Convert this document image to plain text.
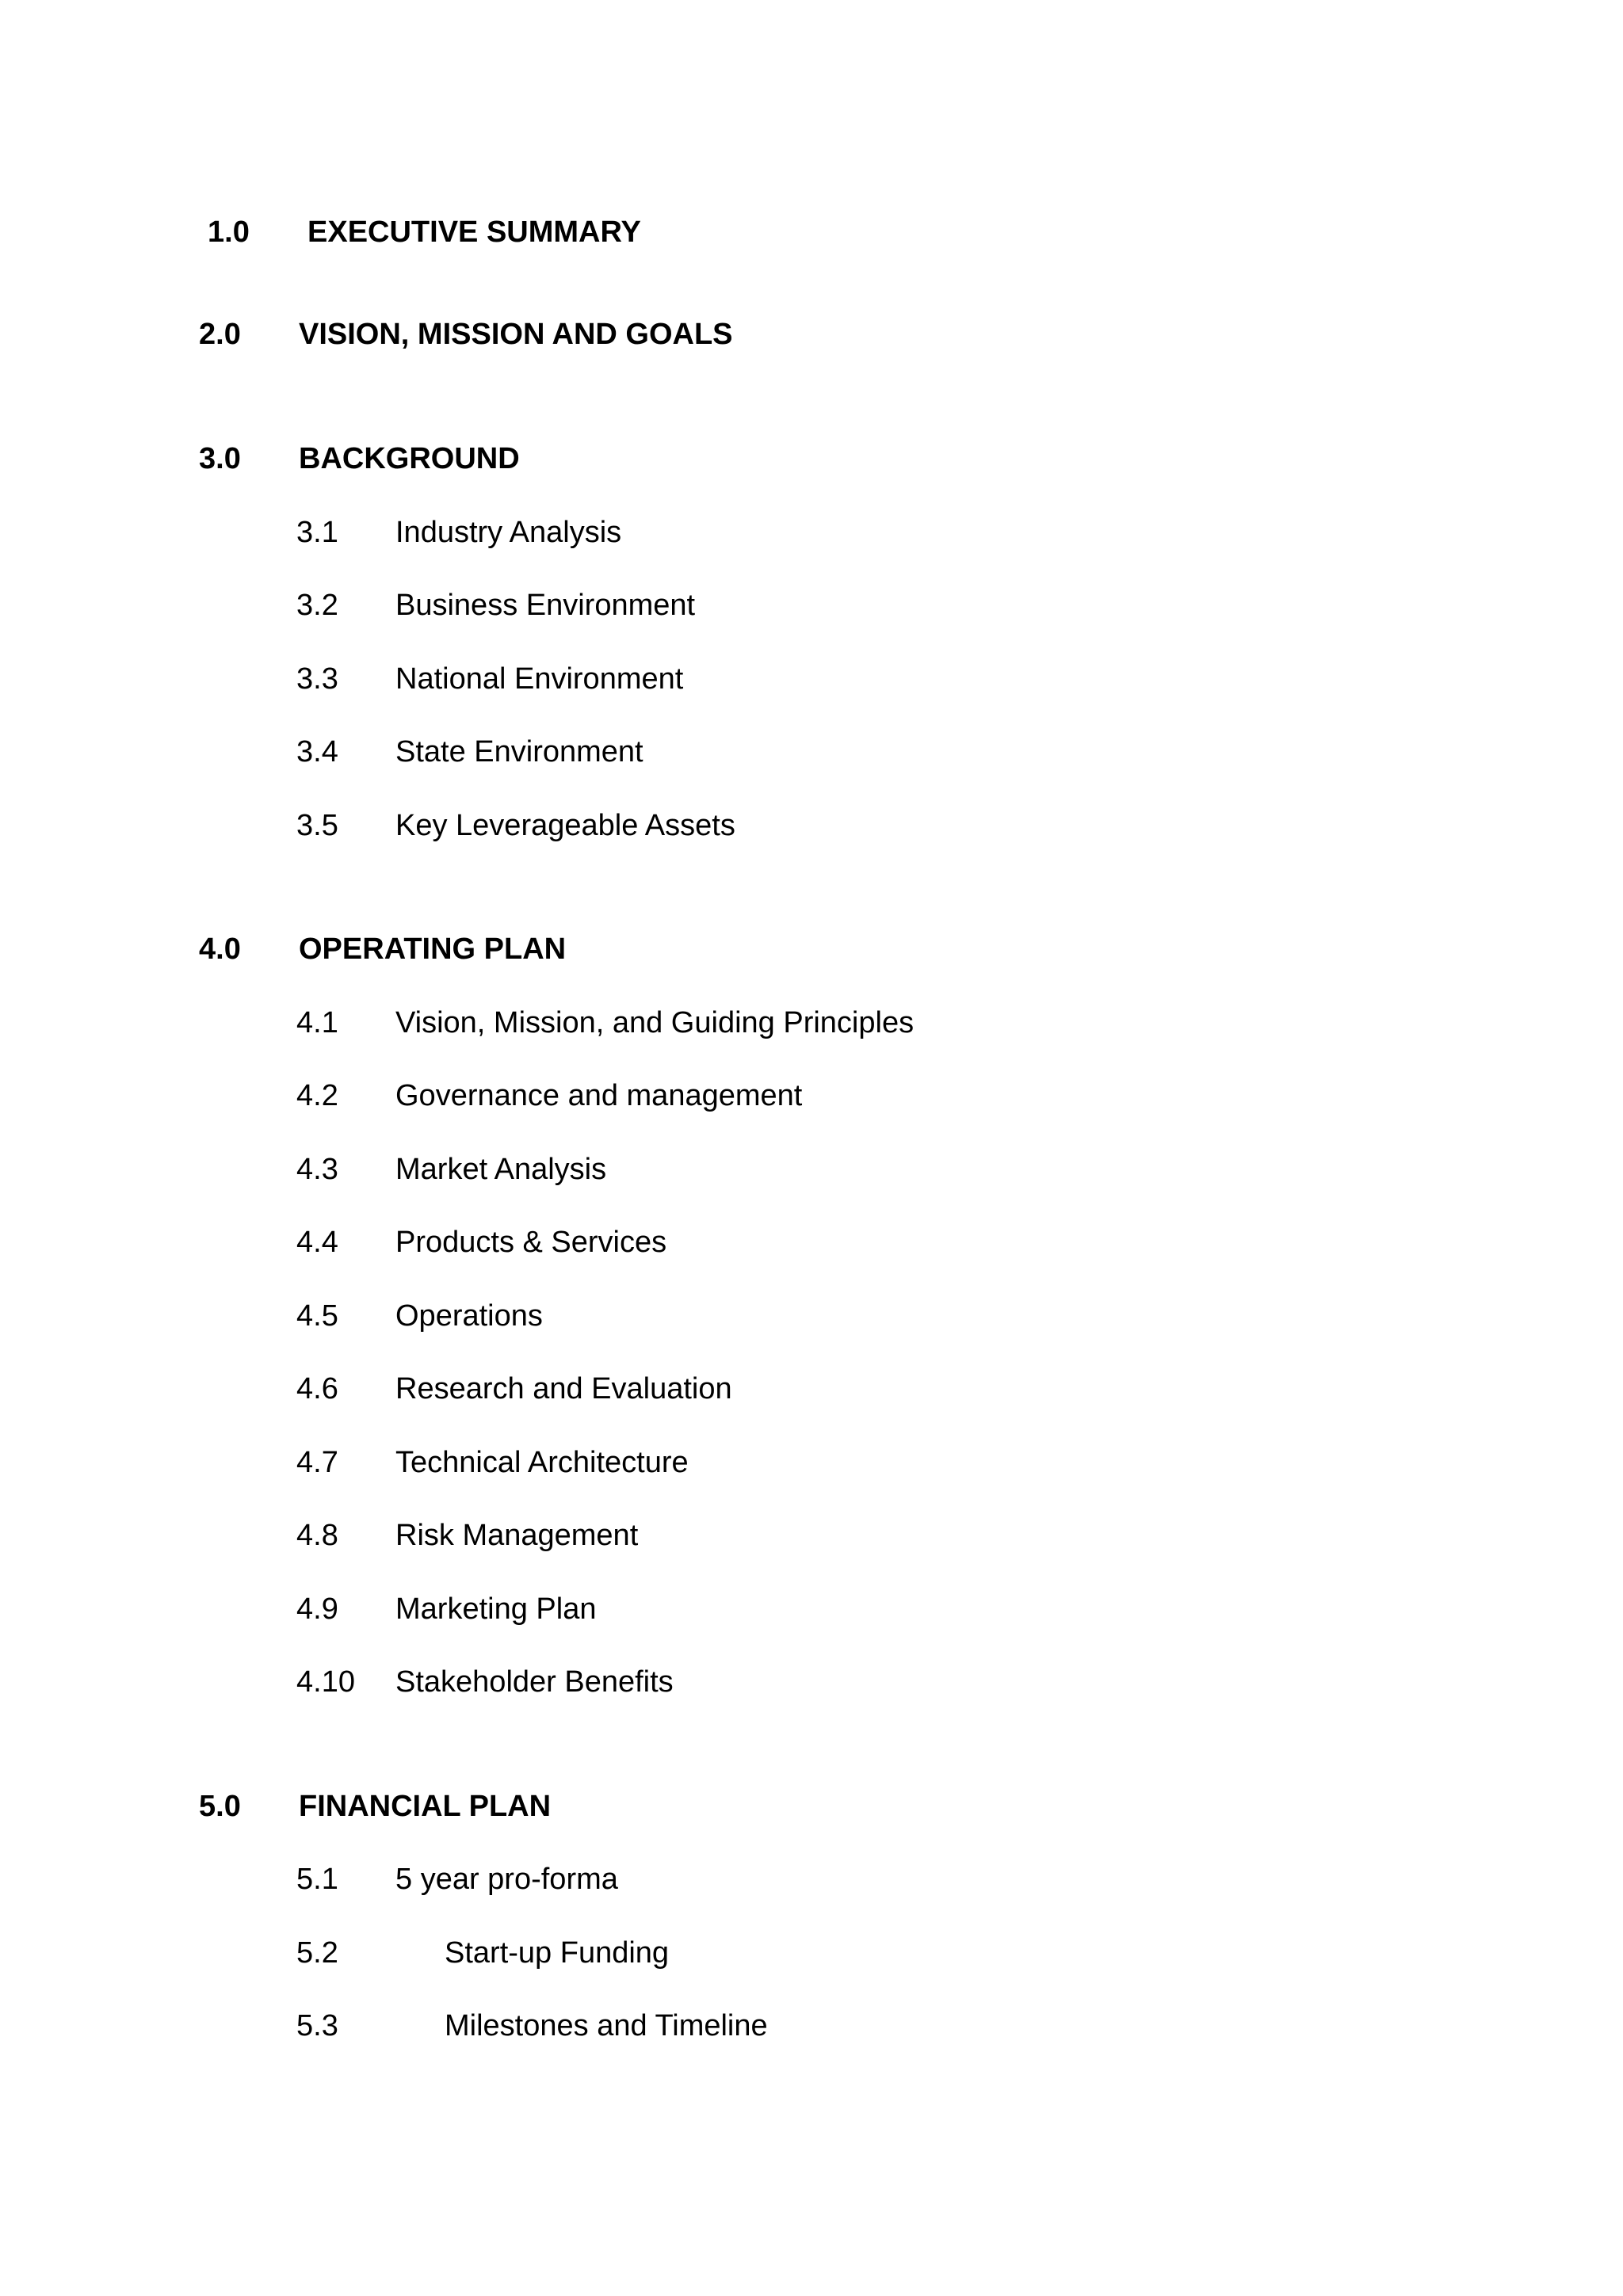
1.0 EXECUTIVE SUMMARY
2.0 VISION, MISSION AND GOALS
3.0 BACKGROUND
3.1 Industry Analysis
3.2 Business Environment
3.3 National Environment
3.4 State Environment
3.5 Key Leverageable Assets
4.0 OPERATING PLAN
4.1 Vision, Mission, and Guiding Principles
4.2 Governance and management
4.3 Market Analysis
4.4 Products & Services
4.5 Operations
4.6 Research and Evaluation
4.7 Technical Architecture
4.8 Risk Management
4.9 Marketing Plan
4.10 Stakeholder Benefits
5.0 FINANCIAL PLAN
5.1 5 year pro-forma
5.2	Start-up Funding
5.3	Milestones and Timeline
